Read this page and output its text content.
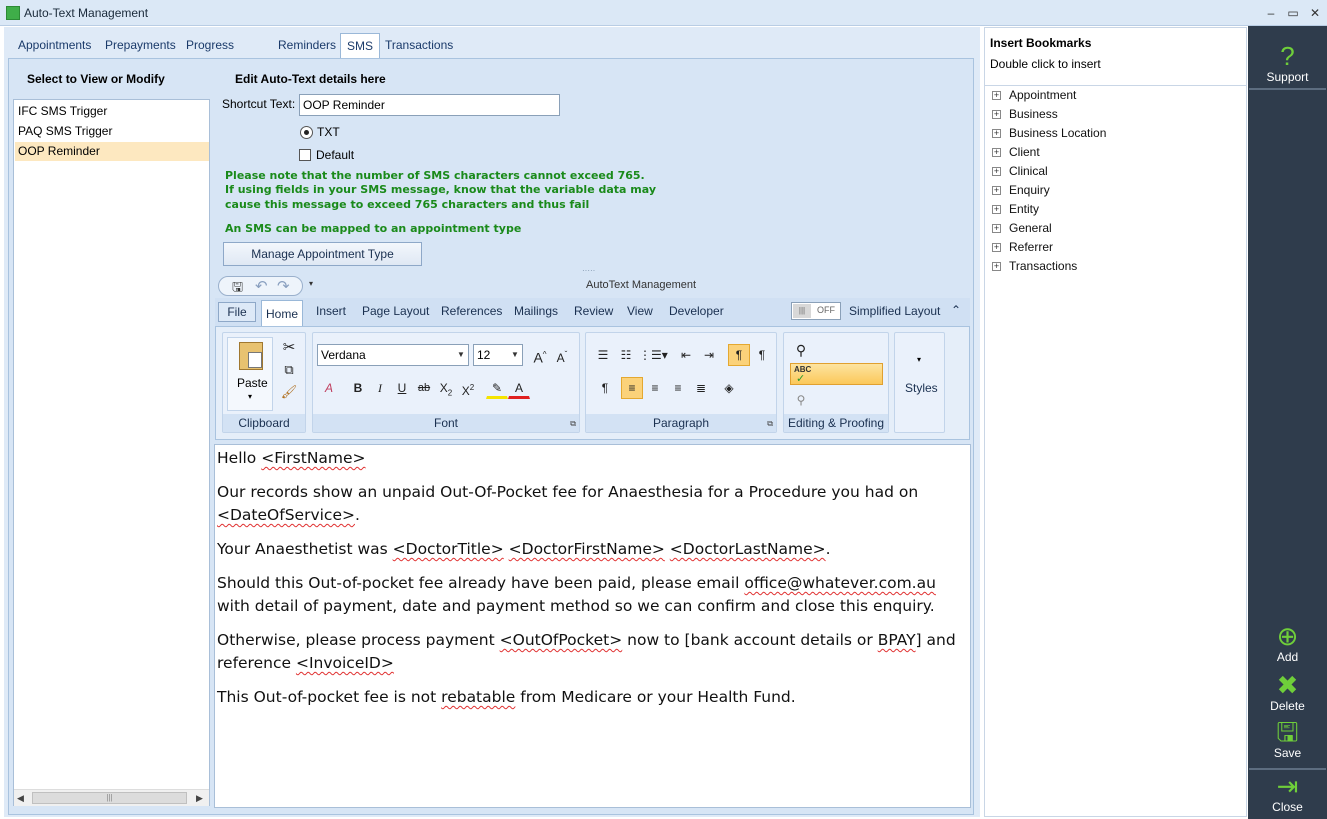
Auto-Text Management	–	▭ ✕
Appointments	Prepayments Progress	Reminders SMS Transactions
Select to View or Modify
IFC SMS Trigger
PAQ SMS Trigger
OOP Reminder
◀	|||	▶
Edit Auto-Text details here
Shortcut Text:
OOP Reminder
TXT
Default
Please note that the number of SMS characters cannot exceed 765.
If using fields in your SMS message, know that the variable data may
cause this message to exceed 765 characters and thus fail
An SMS can be mapped to an appointment type
Manage Appointment Type
·····
🖫 ↶ ↷ ▾	AutoText Management
File	Home	Insert Page Layout References Mailings Review View Developer	|||	OFF Simplified Layout ⌃
Paste
▾
✂
⧉
🖌
Clipboard
Verdana	▼	12	▼	A^ $A^ˇ$
A	B	I	U	ab $X_2$ $X^2$	✎	A
Font	⧉
☰	☷ ⋮☰▾	⇤	⇥	¶	¶
¶	≡	≡	≡	≣	◈
Paragraph	⧉
⚲
ABC
✓
⚲
Editing & Proofing
▾
Styles

Hello <FirstName>

Our records show an unpaid Out-Of-Pocket fee for Anaesthesia for a Procedure you had on <DateOfService>.

Your Anaesthetist was <DoctorTitle> <DoctorFirstName> <DoctorLastName>.

Should this Out-of-pocket fee already have been paid, please email office@whatever.com.au with detail of payment, date and payment method so we can confirm and close this enquiry.

Otherwise, please process payment <OutOfPocket> now to [bank account details or BPAY] and reference <InvoiceID>

This Out-of-pocket fee is not rebatable from Medicare or your Health Fund.

Insert Bookmarks
Double click to insert
+ Appointment
+ Business
+ Business Location
+ Client
+ Clinical
+ Enquiry
+ Entity
+ General
+ Referrer
+ Transactions
?
Support
⊕
Add
✖
Delete
🖫
Save
⇥
Close
